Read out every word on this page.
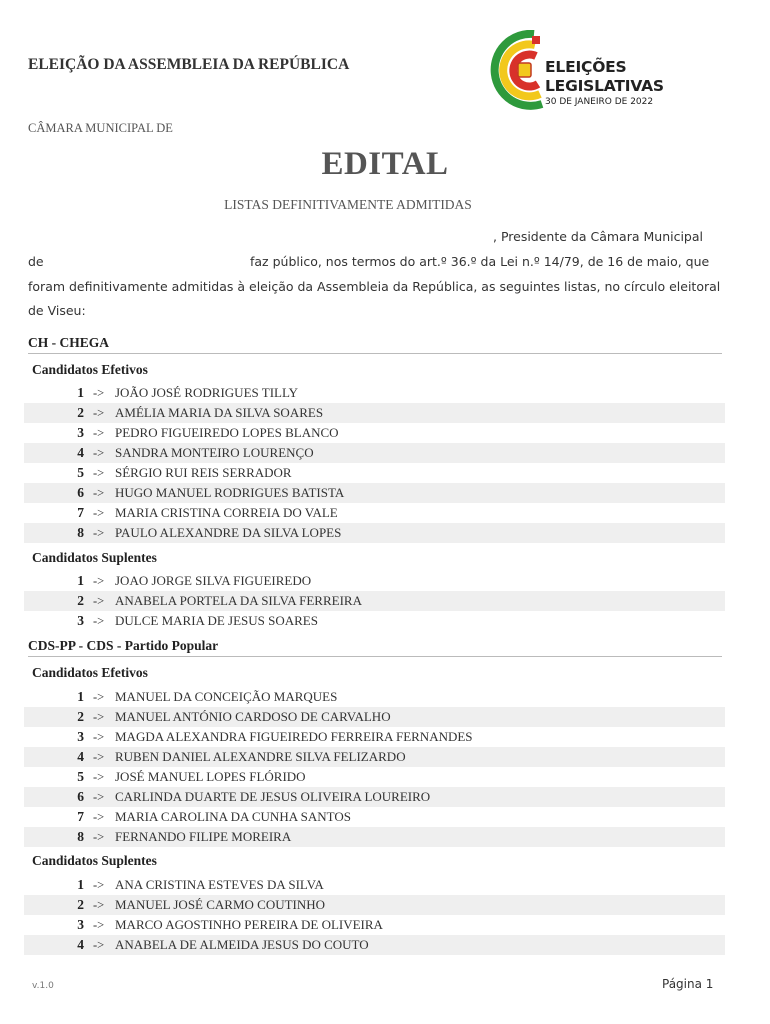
ELEIÇÃO DA ASSEMBLEIA DA REPÚBLICA	ELEIÇÕES
LEGISLATIVAS
30 DE JANEIRO DE 2022
CÂMARA MUNICIPAL DE
EDITAL
LISTAS DEFINITIVAMENTE ADMITIDAS
, Presidente da Câmara Municipal
de	faz público, nos termos do art.º 36.º da Lei n.º 14/79, de 16 de maio, que
foram definitivamente admitidas à eleição da Assembleia da República, as seguintes listas, no círculo eleitoral
de Viseu:
CH - CHEGA
Candidatos Efetivos
1 -> JOÃO JOSÉ RODRIGUES TILLY
2 -> AMÉLIA MARIA DA SILVA SOARES
3 -> PEDRO FIGUEIREDO LOPES BLANCO
4 -> SANDRA MONTEIRO LOURENÇO
5 -> SÉRGIO RUI REIS SERRADOR
6 -> HUGO MANUEL RODRIGUES BATISTA
7 -> MARIA CRISTINA CORREIA DO VALE
8 -> PAULO ALEXANDRE DA SILVA LOPES
Candidatos Suplentes
1 -> JOAO JORGE SILVA FIGUEIREDO
2 -> ANABELA PORTELA DA SILVA FERREIRA
3 -> DULCE MARIA DE JESUS SOARES
CDS-PP - CDS - Partido Popular
Candidatos Efetivos
1 -> MANUEL DA CONCEIÇÃO MARQUES
2 -> MANUEL ANTÓNIO CARDOSO DE CARVALHO
3 -> MAGDA ALEXANDRA FIGUEIREDO FERREIRA FERNANDES
4 -> RUBEN DANIEL ALEXANDRE SILVA FELIZARDO
5 -> JOSÉ MANUEL LOPES FLÓRIDO
6 -> CARLINDA DUARTE DE JESUS OLIVEIRA LOUREIRO
7 -> MARIA CAROLINA DA CUNHA SANTOS
8 -> FERNANDO FILIPE MOREIRA
Candidatos Suplentes
1 -> ANA CRISTINA ESTEVES DA SILVA
2 -> MANUEL JOSÉ CARMO COUTINHO
3 -> MARCO AGOSTINHO PEREIRA DE OLIVEIRA
4 -> ANABELA DE ALMEIDA JESUS DO COUTO
v.1.0	Página 1
